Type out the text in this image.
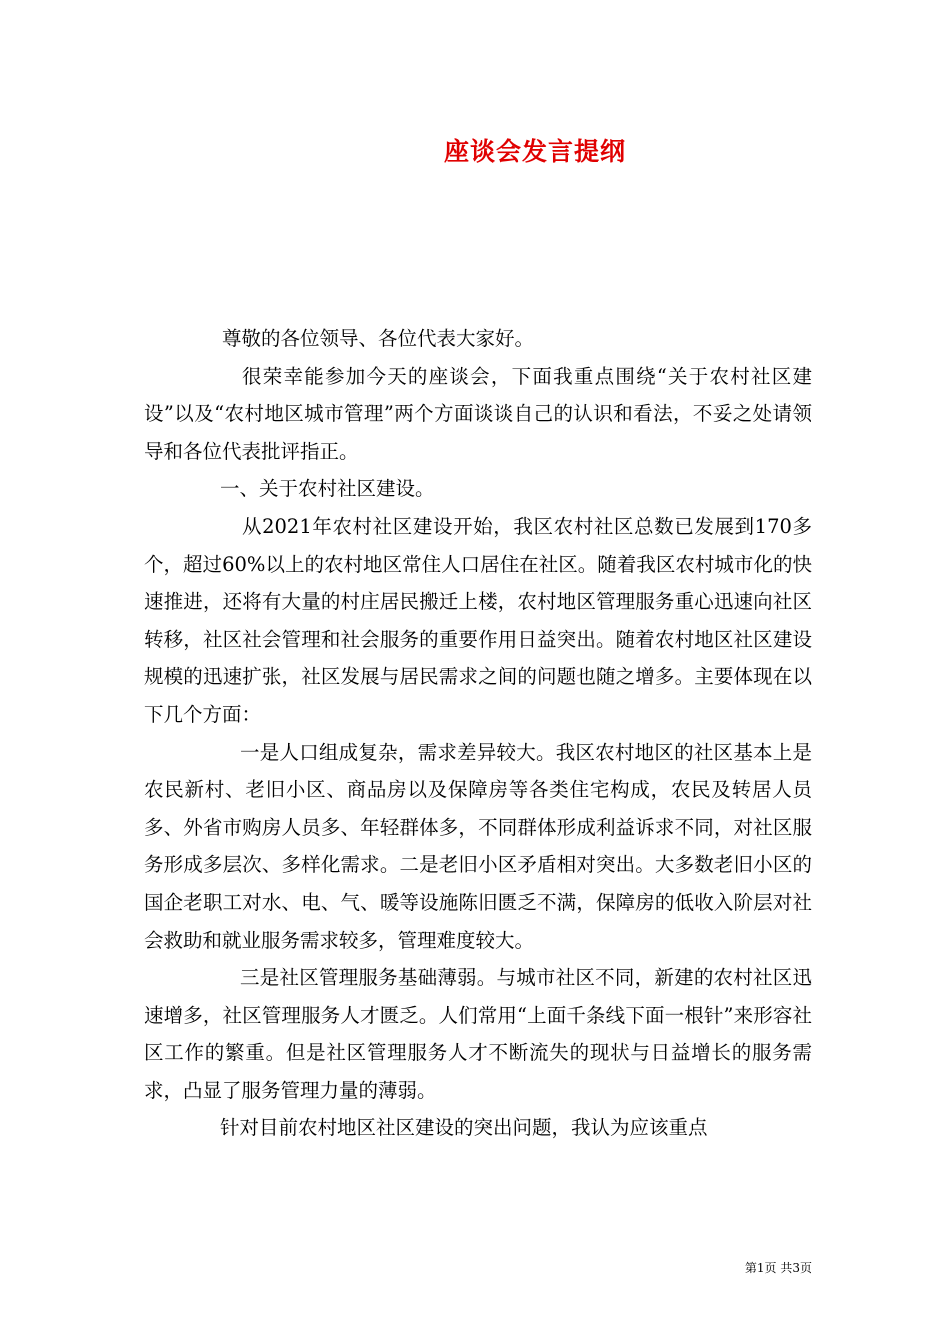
座谈会发言提纲

尊敬的各位领导、各位代表大家好。

很荣幸能参加今天的座谈会，下面我重点围绕“关于农村社区建设”以及“农村地区城市管理”两个方面谈谈自己的认识和看法，不妥之处请领导和各位代表批评指正。

一、关于农村社区建设。

从2021年农村社区建设开始，我区农村社区总数已发展到170多个，超过60%以上的农村地区常住人口居住在社区。随着我区农村城市化的快速推进，还将有大量的村庄居民搬迁上楼，农村地区管理服务重心迅速向社区转移，社区社会管理和社会服务的重要作用日益突出。随着农村地区社区建设规模的迅速扩张，社区发展与居民需求之间的问题也随之增多。主要体现在以下几个方面：

一是人口组成复杂，需求差异较大。我区农村地区的社区基本上是农民新村、老旧小区、商品房以及保障房等各类住宅构成，农民及转居人员多、外省市购房人员多、年轻群体多，不同群体形成利益诉求不同，对社区服务形成多层次、多样化需求。二是老旧小区矛盾相对突出。大多数老旧小区的国企老职工对水、电、气、暖等设施陈旧匮乏不满，保障房的低收入阶层对社会救助和就业服务需求较多，管理难度较大。

三是社区管理服务基础薄弱。与城市社区不同，新建的农村社区迅速增多，社区管理服务人才匮乏。人们常用“上面千条线下面一根针”来形容社区工作的繁重。但是社区管理服务人才不断流失的现状与日益增长的服务需求，凸显了服务管理力量的薄弱。

针对目前农村地区社区建设的突出问题，我认为应该重点

第1页 共3页
